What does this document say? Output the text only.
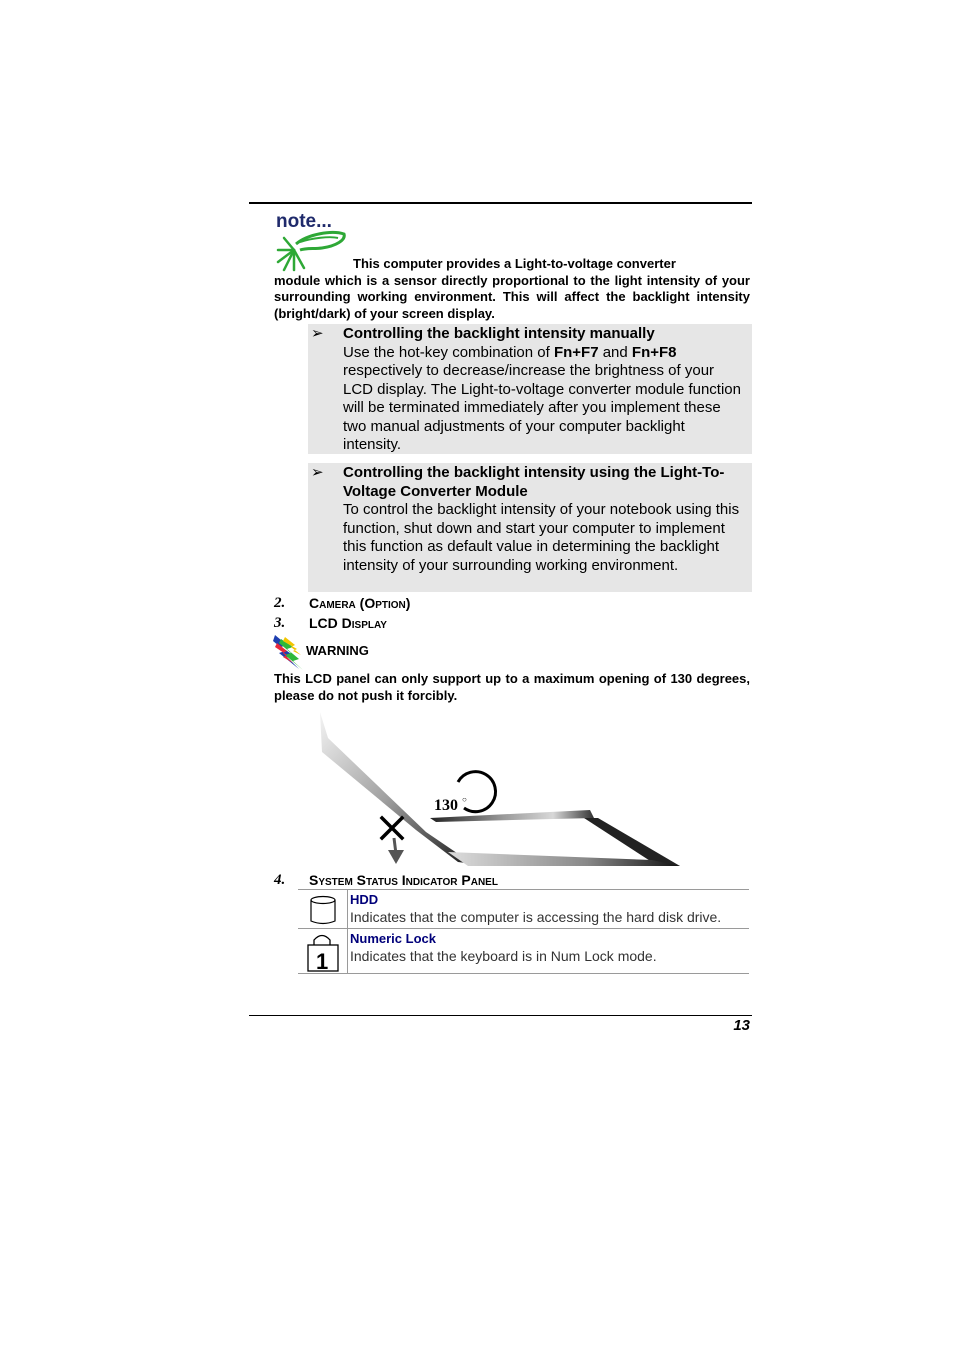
note...
This computer provides a Light-to-voltage converter
module which is a sensor directly proportional to the light intensity of your surrounding working environment. This will affect the backlight intensity (bright/dark) of your screen display.
➢ Controlling the backlight intensity manually
Use the hot-key combination of Fn+F7 and Fn+F8 respectively to decrease/increase the brightness of your LCD display. The Light-to-voltage converter module function will be terminated immediately after you implement these two manual adjustments of your computer backlight intensity.
➢ Controlling the backlight intensity using the Light-To-Voltage Converter Module
To control the backlight intensity of your notebook using this function, shut down and start your computer to implement this function as default value in determining the backlight intensity of your surrounding working environment.
2. Camera (Option)
3. LCD Display
WARNING
This LCD panel can only support up to a maximum opening of 130 degrees, please do not push it forcibly.
130 ○
4. System Status Indicator Panel
HDD
Indicates that the computer is accessing the hard disk drive.
1
Numeric Lock
Indicates that the keyboard is in Num Lock mode.
13
